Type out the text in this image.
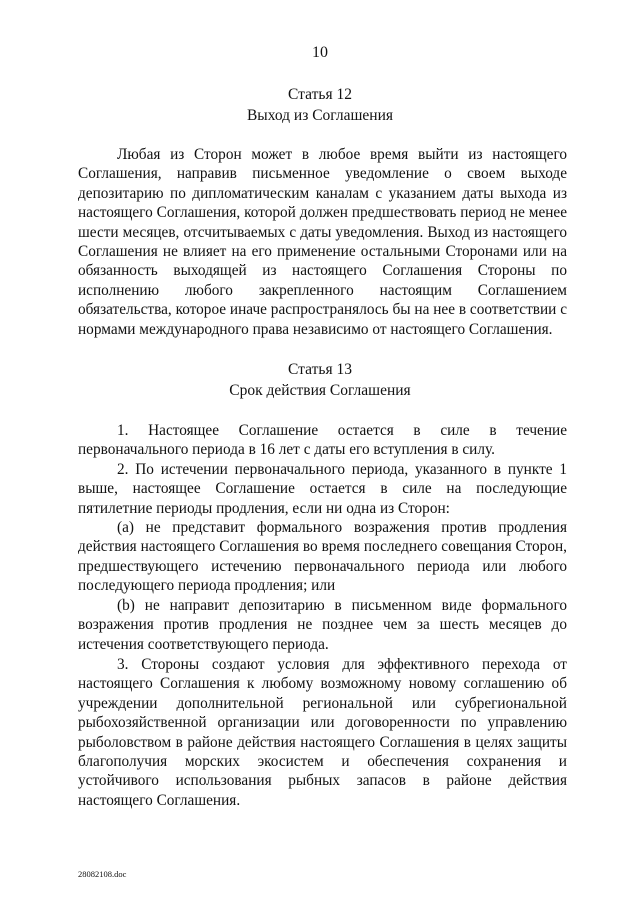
10
Статья 12
Выход из Соглашения

Любая из Сторон может в любое время выйти из настоящего Соглашения, направив письменное уведомление о своем выходе депозитарию по дипломатическим каналам с указанием даты выхода из настоящего Соглашения, которой должен предшествовать период не менее шести месяцев, отсчитываемых с даты уведомления. Выход из настоящего Соглашения не влияет на его применение остальными Сторонами или на обязанность выходящей из настоящего Соглашения Стороны по исполнению любого закрепленного настоящим Соглашением обязательства, которое иначе распространялось бы на нее в соответствии с нормами международного права независимо от настоящего Соглашения.

Статья 13
Срок действия Соглашения

1. Настоящее Соглашение остается в силе в течение первоначального периода в 16 лет с даты его вступления в силу.

2. По истечении первоначального периода, указанного в пункте 1 выше, настоящее Соглашение остается в силе на последующие пятилетние периоды продления, если ни одна из Сторон:

(a) не представит формального возражения против продления действия настоящего Соглашения во время последнего совещания Сторон, предшествующего истечению первоначального периода или любого последующего периода продления; или

(b) не направит депозитарию в письменном виде формального возражения против продления не позднее чем за шесть месяцев до истечения соответствующего периода.

3. Стороны создают условия для эффективного перехода от настоящего Соглашения к любому возможному новому соглашению об учреждении дополнительной региональной или субрегиональной рыбохозяйственной организации или договоренности по управлению рыболовством в районе действия настоящего Соглашения в целях защиты благополучия морских экосистем и обеспечения сохранения и устойчивого использования рыбных запасов в районе действия настоящего Соглашения.

28082108.doc
